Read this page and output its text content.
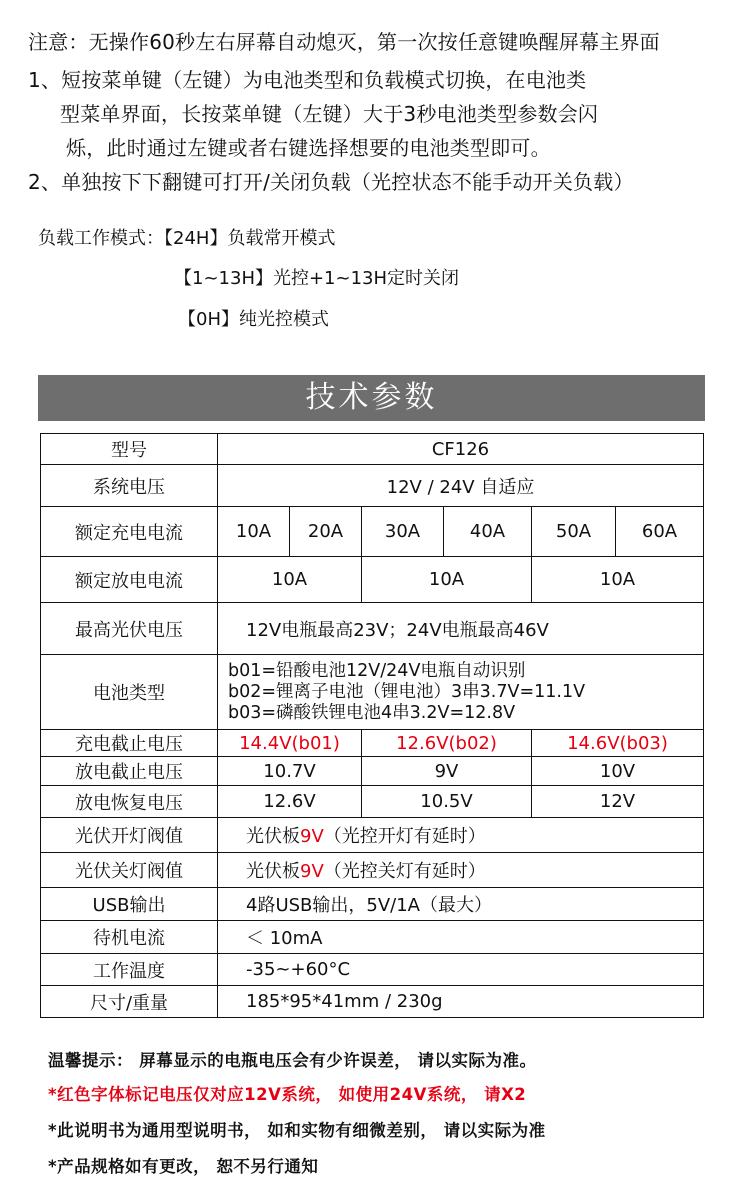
注意：无操作60秒左右屏幕自动熄灭，第一次按任意键唤醒屏幕主界面
1、短按菜单键（左键）为电池类型和负载模式切换，在电池类
型菜单界面，长按菜单键（左键）大于3秒电池类型参数会闪
烁，此时通过左键或者右键选择想要的电池类型即可。
2、单独按下下翻键可打开/关闭负载（光控状态不能手动开关负载）
负载工作模式：【24H】负载常开模式
【1~13H】光控+1~13H定时关闭
【0H】纯光控模式
技术参数
型号	CF126					
系统电压	12V / 24V 自适应					
额定充电电流	10A	20A	30A	40A	50A	60A
额定放电电流	10A		10A		10A	
最高光伏电压	12V电瓶最高23V；24V电瓶最高46V					
电池类型	b01=铅酸电池12V/24V电瓶自动识别
b02=锂离子电池（锂电池）3串3.7V=11.1V
b03=磷酸铁锂电池4串3.2V=12.8V					

充电截止电压	14.4V(b01)		12.6V(b02)		14.6V(b03)	
放电截止电压	10.7V		9V		10V	
放电恢复电压	12.6V		10.5V		12V	
光伏开灯阀值	光伏板9V（光控开灯有延时）					
光伏关灯阀值	光伏板9V（光控关灯有延时）					
USB输出	4路USB输出，5V/1A（最大）					
待机电流	＜ 10mA					
工作温度	-35~+60°C					
尺寸/重量	185*95*41mm / 230g					
温馨提示： 屏幕显示的电瓶电压会有少许误差， 请以实际为准。
*红色字体标记电压仅对应12V系统， 如使用24V系统， 请X2
*此说明书为通用型说明书， 如和实物有细微差别， 请以实际为准
*产品规格如有更改， 恕不另行通知
